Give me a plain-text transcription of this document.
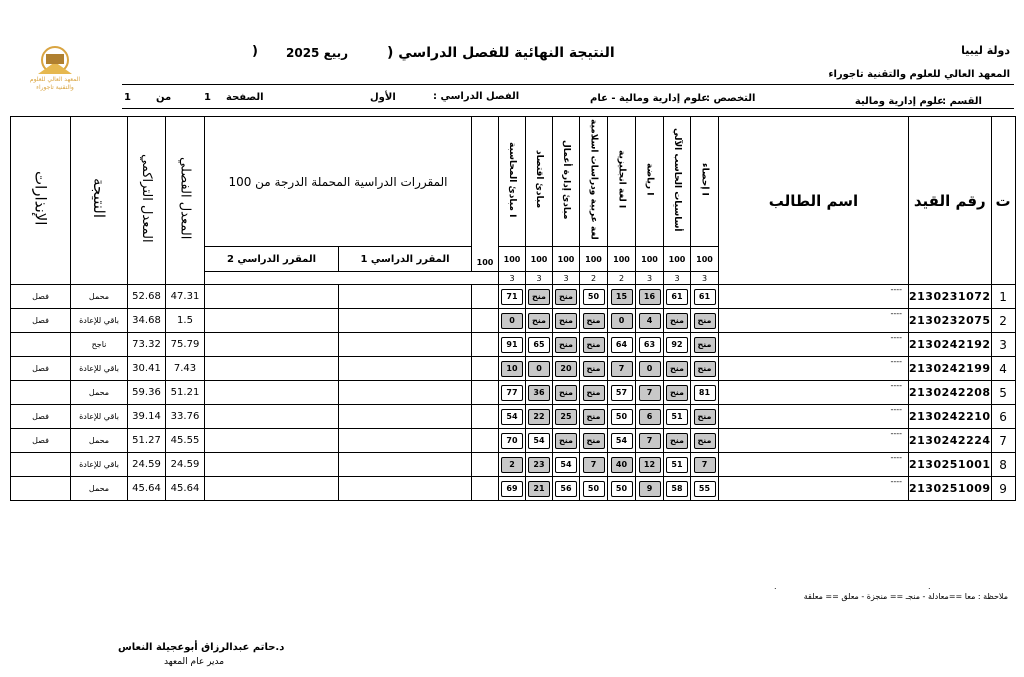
دولة ليبيا
المعهد العالي للعلوم والتقنية تاجوراء
النتيجة النهائية للفصل الدراسي (
ربيع 2025
)
المعهد العالي للعلوم والتقنية تاجوراء
القسم :
علوم إدارية ومالية
التخصص :
علوم إدارية ومالية - عام
الفصل الدراسي :
الأول
الصفحة
1
من
1
الإنذارات	النتيجة	المعدل التراكمي	المعدل الفصلي	المقررات الدراسية المحملة الدرجة من 100		100	مبادئ المحاسبة I	مبادئ اقتصاد	مبادئ إدارة أعمال	لغة عربية ودراسات اسلامية	لغة انجليزية I	رياضة I	أساسيات الحاسب الآلي	إحصاء I	اسم الطالب	رقم القيد	ت
				المقرر الدراسي 2	المقرر الدراسي 1		100	100	100	100	100	100	100	100			
							3	3	3	2	2	3	3	3			
فصل	محمل	52.68	47.31				71	منح	منح	50	15	16	61	61	----	2130231072	1
فصل	باقي للإعادة	34.68	1.5				0	منح	منح	منح	0	4	منح	منح	----	2130232075	2
	ناجح	73.32	75.79				91	65	منح	منح	64	63	92	منح	----	2130242192	3
فصل	باقي للإعادة	30.41	7.43				10	0	20	منح	7	0	منح	منح	----	2130242199	4
	محمل	59.36	51.21				77	36	منح	منح	57	7	منح	81	----	2130242208	5
فصل	باقي للإعادة	39.14	33.76				54	22	25	منح	50	6	51	منح	----	2130242210	6
فصل	محمل	51.27	45.55				70	54	منح	منح	54	7	منح	منح	----	2130242224	7
	باقي للإعادة	24.59	24.59				2	23	54	7	40	12	51	7	----	2130251001	8
	محمل	45.64	45.64				69	21	56	50	50	9	58	55	----	2130251009	9
.	.
ملاحظة : معا ==معادلة - منجـ == منجزة - معلق == معلقة
د.حاتم عبدالرزاق أبوعجيلة النعاس
مدير عام المعهد
